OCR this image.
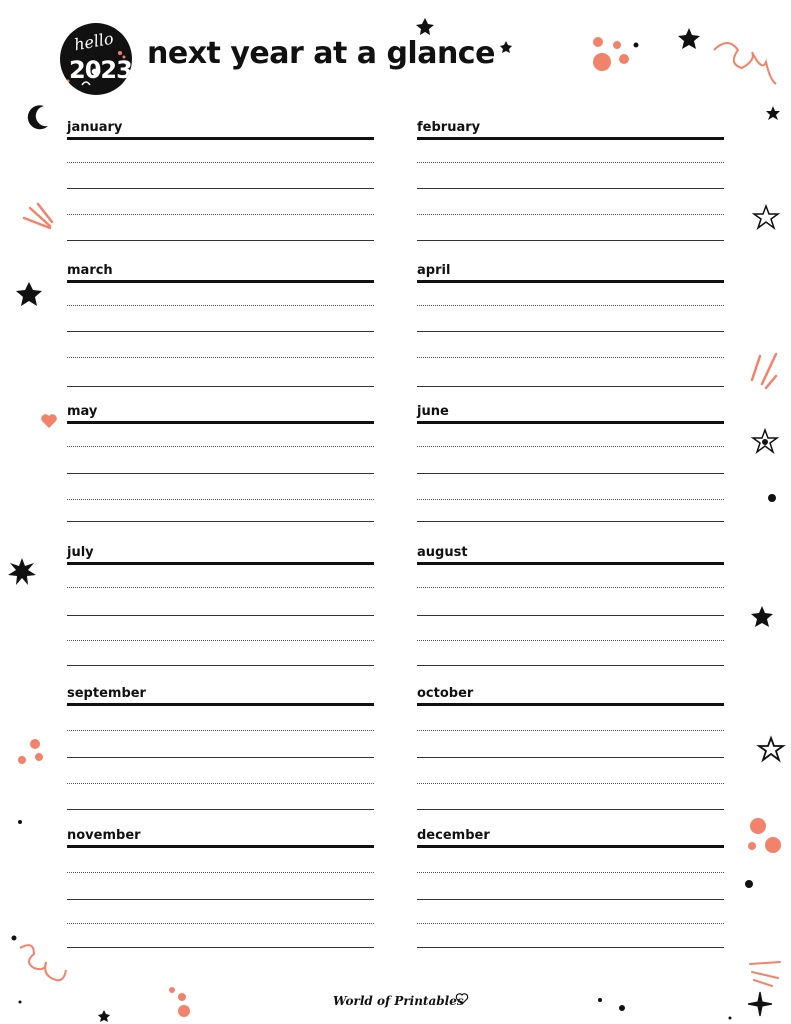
hello
2023 next year at a glance
january	february
march	april
may	june
july	august
september	october
november	december
World of Printables
